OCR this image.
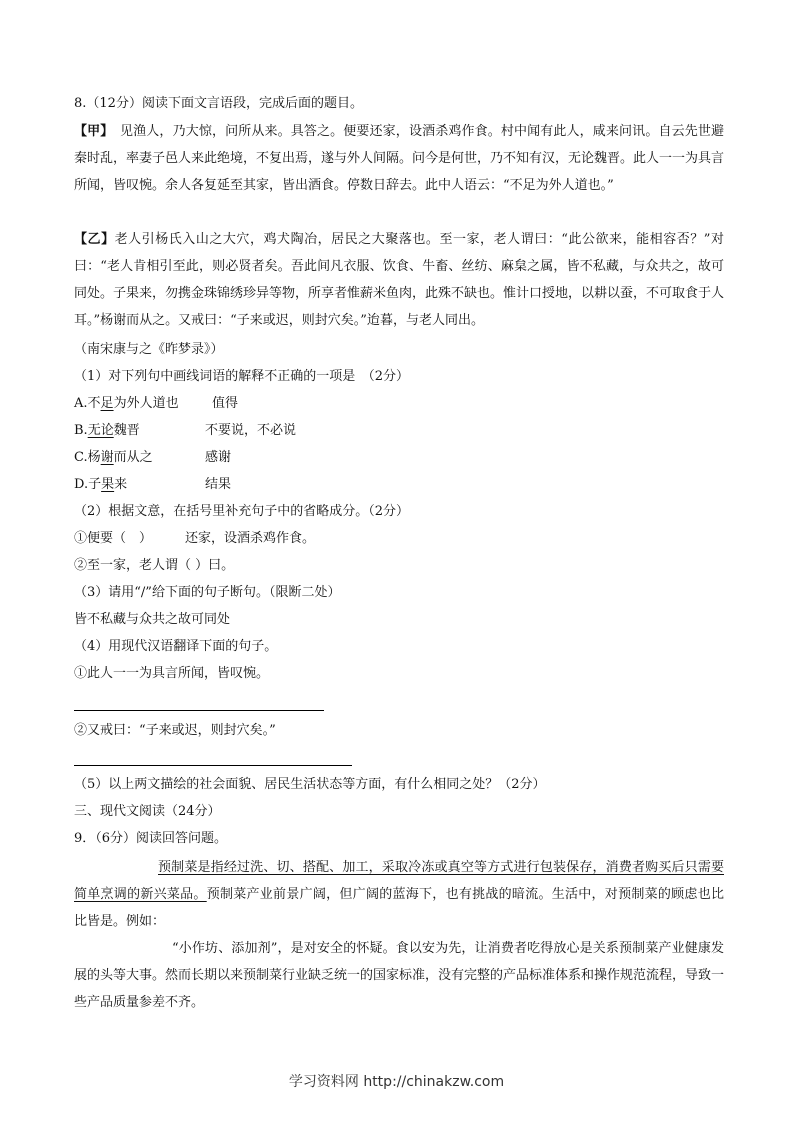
8.（12分）阅读下面文言语段，完成后面的题目。
【甲】　见渔人，乃大惊，问所从来。具答之。便要还家，设酒杀鸡作食。村中闻有此人，咸来问讯。自云先世避秦时乱，率妻子邑人来此绝境，不复出焉，遂与外人间隔。问今是何世，乃不知有汉，无论魏晋。此人一一为具言所闻，皆叹惋。余人各复延至其家，皆出酒食。停数日辞去。此中人语云：“不足为外人道也。”
【乙】老人引杨氏入山之大穴，鸡犬陶冶，居民之大聚落也。至一家，老人谓曰：“此公欲来，能相容否？”对曰：“老人肯相引至此，则必贤者矣。吾此间凡衣服、饮食、牛畜、丝纺、麻枲之属，皆不私藏，与众共之，故可同处。子果来，勿携金珠锦绣珍异等物，所享者惟薪米鱼肉，此殊不缺也。惟计口授地，以耕以蚕，不可取食于人耳。”杨谢而从之。又戒曰：“子来或迟，则封穴矣。”迨暮，与老人同出。
（南宋康与之《昨梦录》）
（1）对下列句中画线词语的解释不正确的一项是　（2分）
A.不足为外人道也	值得
B.无论魏晋	不要说，不必说
C.杨谢而从之	感谢
D.子果来	结果
（2）根据文意，在括号里补充句子中的省略成分。（2分）
①便要（　）	还家，设酒杀鸡作食。
②至一家，老人谓（ ）曰。
（3）请用“/”给下面的句子断句。（限断二处）
皆不私藏与众共之故可同处
（4）用现代汉语翻译下面的句子。
①此人一一为具言所闻，皆叹惋。
②又戒曰：“子来或迟，则封穴矣。”
（5）以上两文描绘的社会面貌、居民生活状态等方面，有什么相同之处？（2分）
三、现代文阅读（24分）
9．（6分）阅读回答问题。
预制菜是指经过洗、切、搭配、加工，采取冷冻或真空等方式进行包装保存，消费者购买后只需要简单烹调的新兴菜品。预制菜产业前景广阔，但广阔的蓝海下，也有挑战的暗流。生活中，对预制菜的顾虑也比比皆是。例如：
“小作坊、添加剂”，是对安全的怀疑。食以安为先，让消费者吃得放心是关系预制菜产业健康发展的头等大事。然而长期以来预制菜行业缺乏统一的国家标准，没有完整的产品标准体系和操作规范流程，导致一些产品质量参差不齐。
学习资料网 http://chinakzw.com
